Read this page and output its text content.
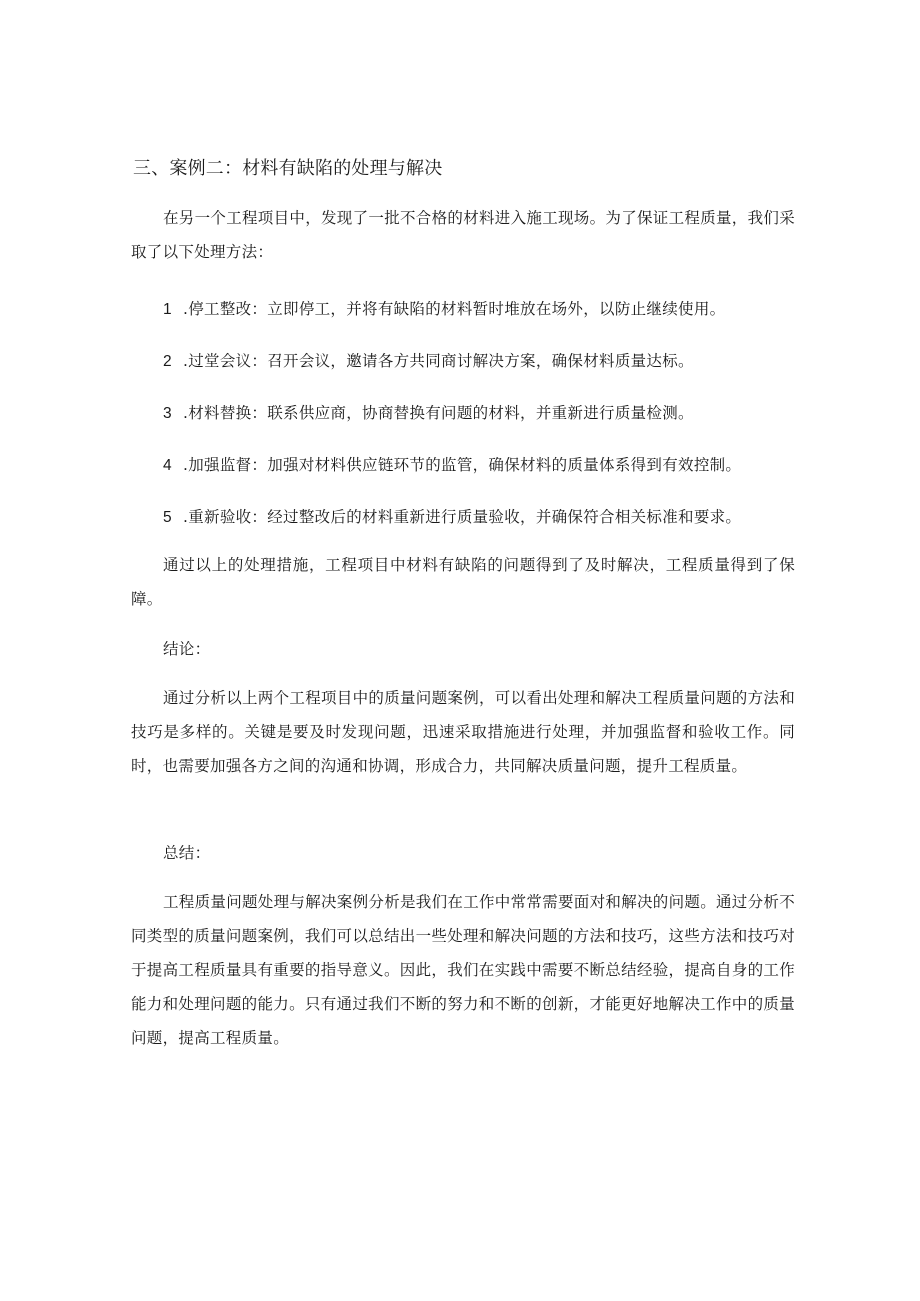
三、案例二：材料有缺陷的处理与解决

在另一个工程项目中，发现了一批不合格的材料进入施工现场。为了保证工程质量，我们采取了以下处理方法：

1 .停工整改：立即停工，并将有缺陷的材料暂时堆放在场外，以防止继续使用。
2 .过堂会议：召开会议，邀请各方共同商讨解决方案，确保材料质量达标。
3 .材料替换：联系供应商，协商替换有问题的材料，并重新进行质量检测。
4 .加强监督：加强对材料供应链环节的监管，确保材料的质量体系得到有效控制。
5 .重新验收：经过整改后的材料重新进行质量验收，并确保符合相关标准和要求。

通过以上的处理措施，工程项目中材料有缺陷的问题得到了及时解决，工程质量得到了保障。

结论：

通过分析以上两个工程项目中的质量问题案例，可以看出处理和解决工程质量问题的方法和技巧是多样的。关键是要及时发现问题，迅速采取措施进行处理，并加强监督和验收工作。同时，也需要加强各方之间的沟通和协调，形成合力，共同解决质量问题，提升工程质量。

总结：

工程质量问题处理与解决案例分析是我们在工作中常常需要面对和解决的问题。通过分析不同类型的质量问题案例，我们可以总结出一些处理和解决问题的方法和技巧，这些方法和技巧对于提高工程质量具有重要的指导意义。因此，我们在实践中需要不断总结经验，提高自身的工作能力和处理问题的能力。只有通过我们不断的努力和不断的创新，才能更好地解决工作中的质量问题，提高工程质量。
